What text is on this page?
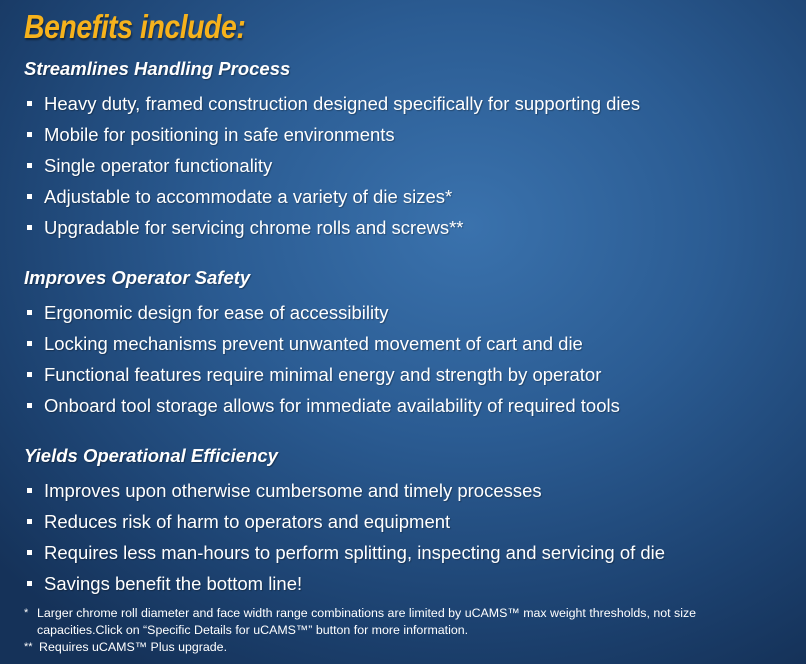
Benefits include:
Streamlines Handling Process
Heavy duty, framed construction designed specifically for supporting dies
Mobile for positioning in safe environments
Single operator functionality
Adjustable to accommodate a variety of die sizes*
Upgradable for servicing chrome rolls and screws**
Improves Operator Safety
Ergonomic design for ease of accessibility
Locking mechanisms prevent unwanted movement of cart and die
Functional features require minimal energy and strength by operator
Onboard tool storage allows for immediate availability of required tools
Yields Operational Efficiency
Improves upon otherwise cumbersome and timely processes
Reduces risk of harm to operators and equipment
Requires less man-hours to perform splitting, inspecting and servicing of die
Savings benefit the bottom line!
* Larger chrome roll diameter and face width range combinations are limited by uCAMS™ max weight thresholds, not size capacities.Click on “Specific Details for uCAMS™” button for more information.
** Requires uCAMS™ Plus upgrade.
